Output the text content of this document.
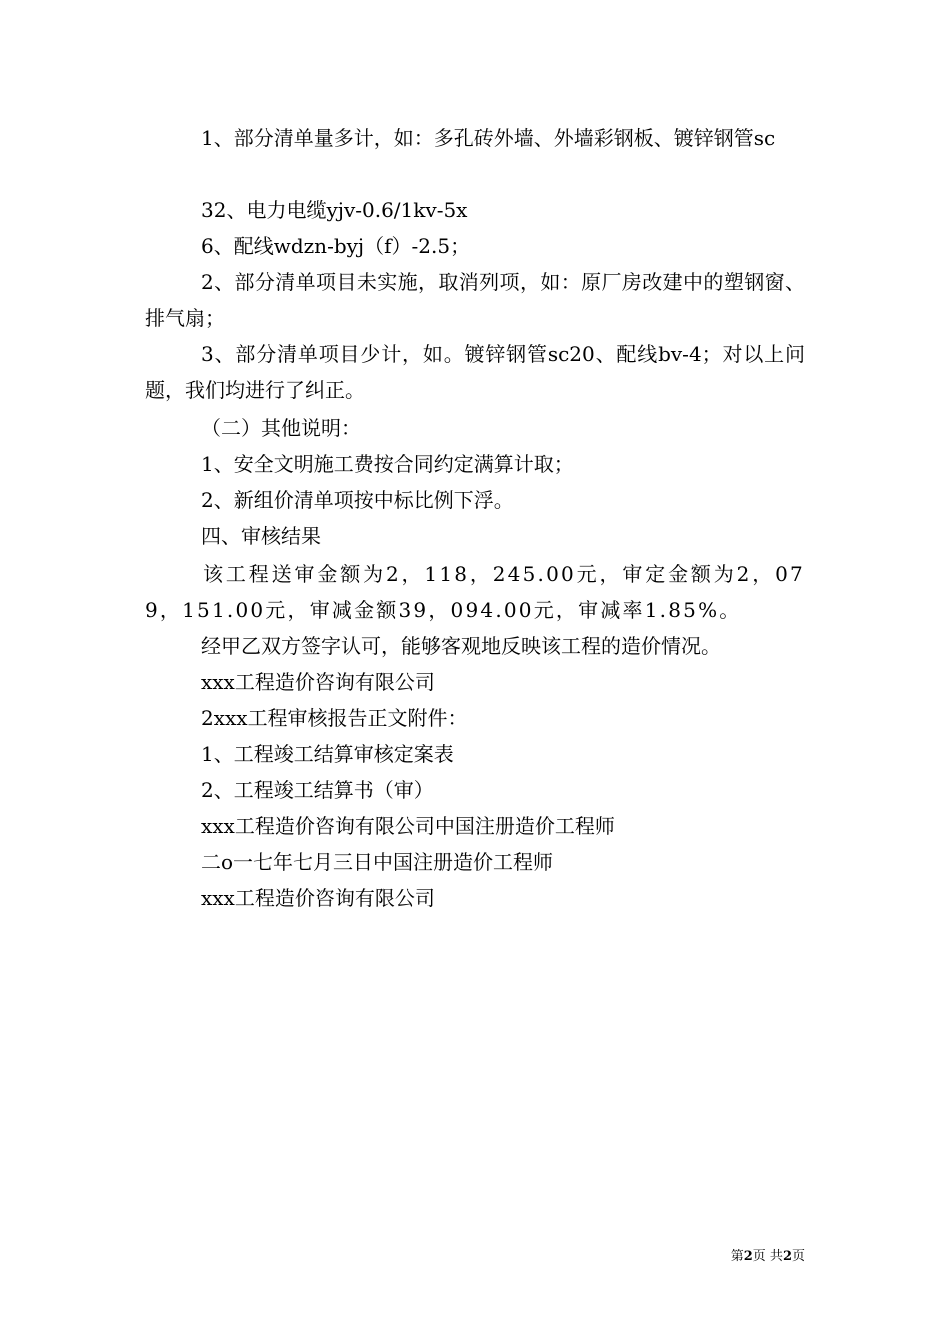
1、部分清单量多计，如：多孔砖外墙、外墙彩钢板、镀锌钢管sc

32、电力电缆yjv-0.6/1kv-5x

6、配线wdzn-byj（f）-2.5；

2、部分清单项目未实施，取消列项，如：原厂房改建中的塑钢窗、排气扇；

3、部分清单项目少计，如。镀锌钢管sc20、配线bv-4；对以上问题，我们均进行了纠正。

（二）其他说明：

1、安全文明施工费按合同约定满算计取；

2、新组价清单项按中标比例下浮。

四、审核结果

该工程送审金额为2，118，245.00元，审定金额为2，079，151.00元，审减金额39，094.00元，审减率1.85%。

经甲乙双方签字认可，能够客观地反映该工程的造价情况。

xxx工程造价咨询有限公司

2xxx工程审核报告正文附件：

1、工程竣工结算审核定案表

2、工程竣工结算书（审）

xxx工程造价咨询有限公司中国注册造价工程师

二o一七年七月三日中国注册造价工程师

xxx工程造价咨询有限公司

第2页 共2页
